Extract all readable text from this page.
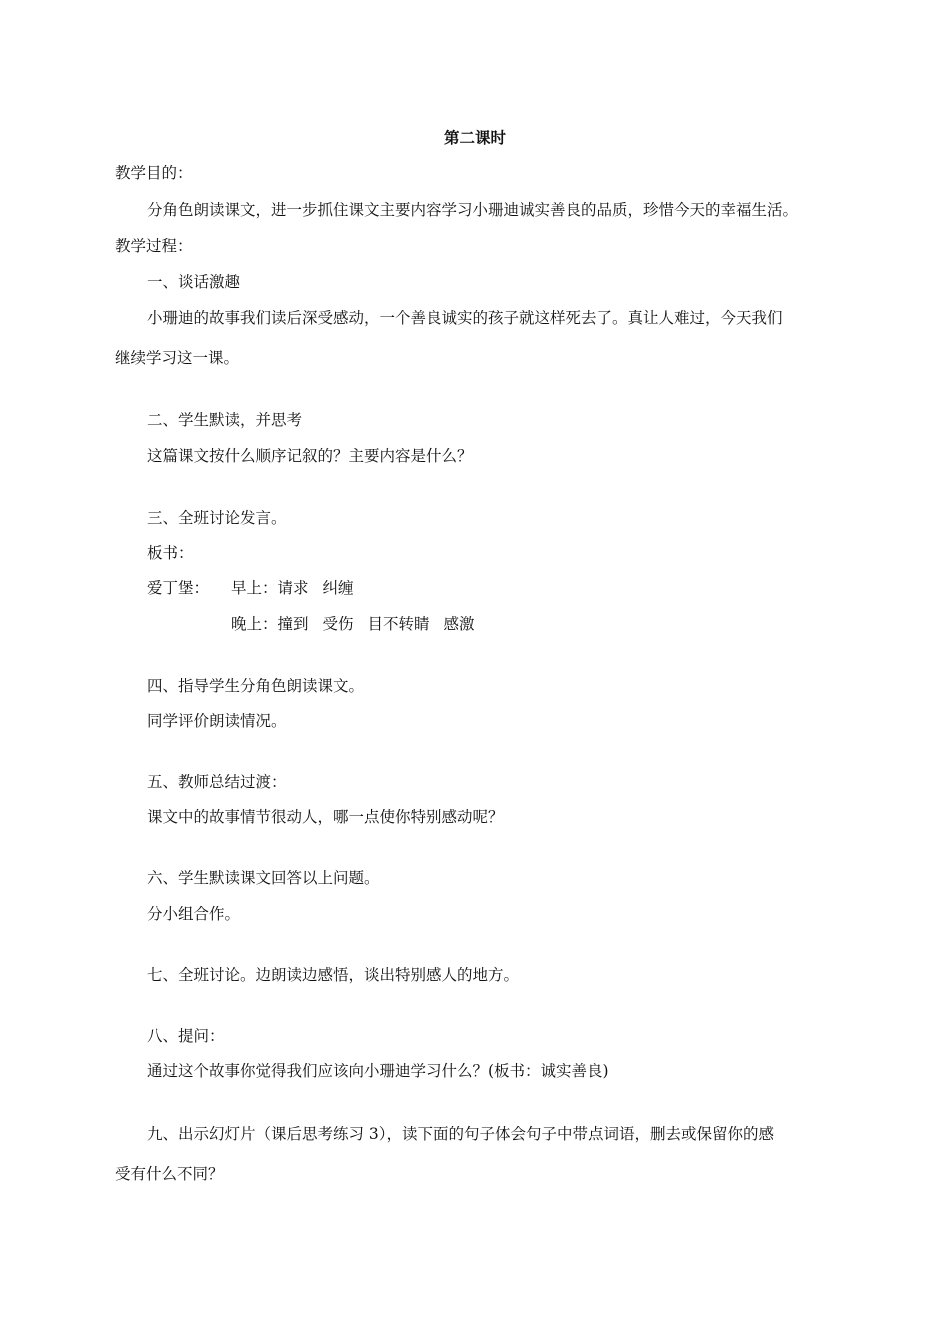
第二课时
教学目的：
分角色朗读课文，进一步抓住课文主要内容学习小珊迪诚实善良的品质，珍惜今天的幸福生活。
教学过程：
一、谈话激趣
小珊迪的故事我们读后深受感动，一个善良诚实的孩子就这样死去了。真让人难过，今天我们
继续学习这一课。
二、学生默读，并思考
这篇课文按什么顺序记叙的？主要内容是什么？
三、全班讨论发言。
板书：
爱丁堡： 早上：请求 纠缠
晚上：撞到 受伤 目不转睛 感激
四、指导学生分角色朗读课文。
同学评价朗读情况。
五、教师总结过渡：
课文中的故事情节很动人，哪一点使你特别感动呢？
六、学生默读课文回答以上问题。
分小组合作。
七、全班讨论。边朗读边感悟，谈出特别感人的地方。
八、提问：
通过这个故事你觉得我们应该向小珊迪学习什么？(板书：诚实善良)
九、出示幻灯片（课后思考练习 3），读下面的句子体会句子中带点词语，删去或保留你的感
受有什么不同？
